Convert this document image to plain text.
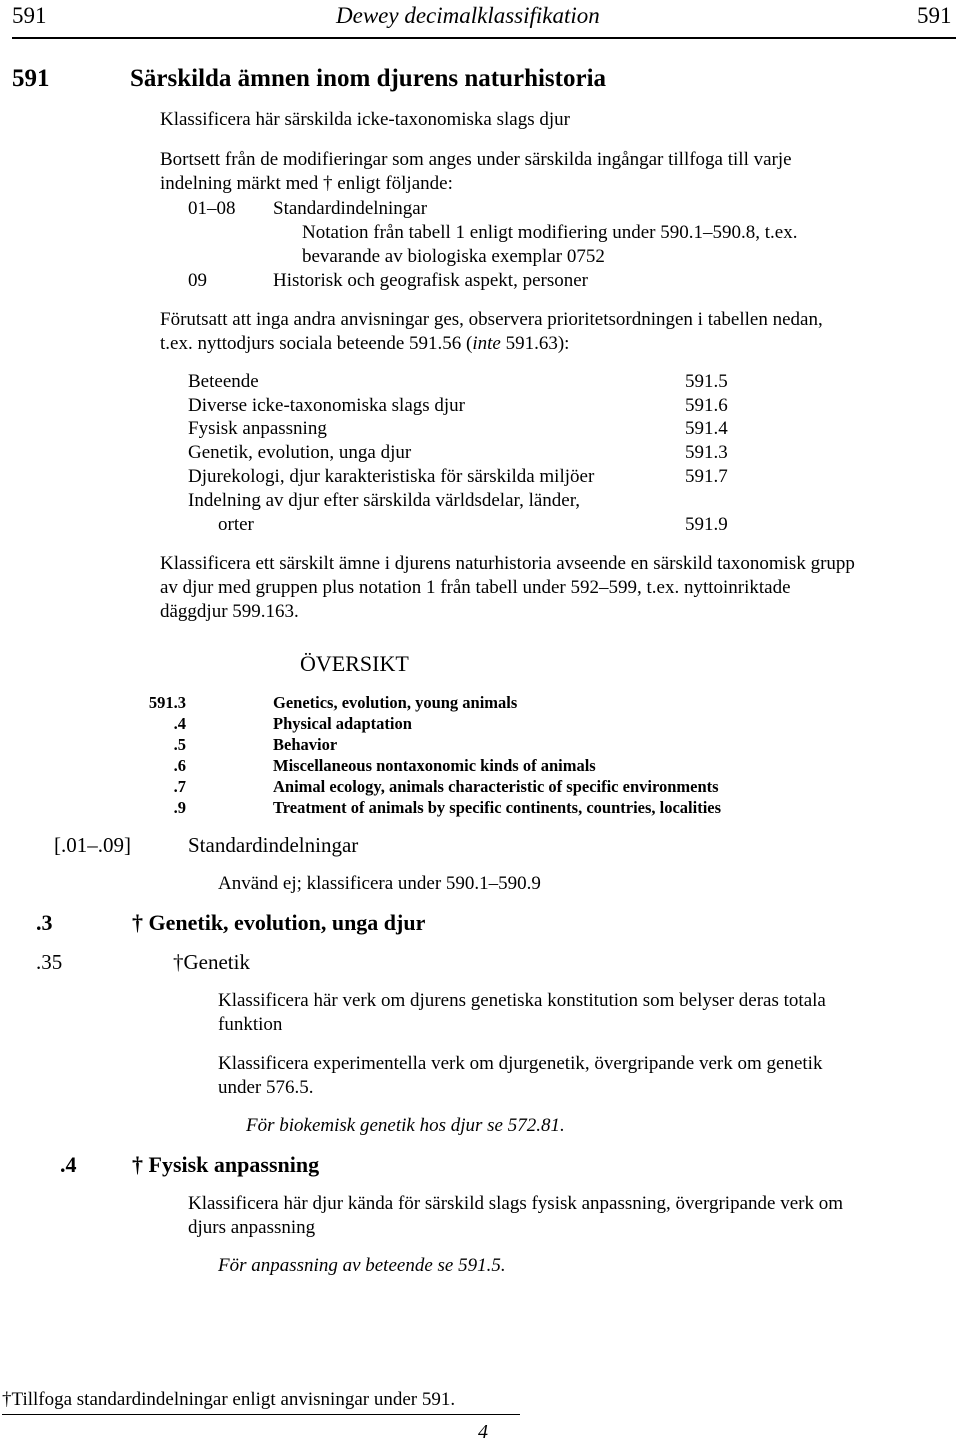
591	Dewey decimalklassifikation	591
591	Särskilda ämnen inom djurens naturhistoria
Klassificera här särskilda icke-taxonomiska slags djur
Bortsett från de modifieringar som anges under särskilda ingångar tillfoga till varje
indelning märkt med † enligt följande:
01–08 Standardindelningar
Notation från tabell 1 enligt modifiering under 590.1–590.8, t.ex.
bevarande av biologiska exemplar 0752
09	Historisk och geografisk aspekt, personer
Förutsatt att inga andra anvisningar ges, observera prioritetsordningen i tabellen nedan,
t.ex. nyttodjurs sociala beteende 591.56 (inte 591.63):
Beteende	591.5
Diverse icke-taxonomiska slags djur	591.6
Fysisk anpassning	591.4
Genetik, evolution, unga djur	591.3
Djurekologi, djur karakteristiska för särskilda miljöer	591.7
Indelning av djur efter särskilda världsdelar, länder,
orter	591.9
Klassificera ett särskilt ämne i djurens naturhistoria avseende en särskild taxonomisk grupp
av djur med gruppen plus notation 1 från tabell under 592–599, t.ex. nyttoinriktade
däggdjur 599.163.
ÖVERSIKT
591.3	Genetics, evolution, young animals
.4	Physical adaptation
.5	Behavior
.6	Miscellaneous nontaxonomic kinds of animals
.7	Animal ecology, animals characteristic of specific environments
.9	Treatment of animals by specific continents, countries, localities
[.01–.09]	Standardindelningar
Använd ej; klassificera under 590.1–590.9
.3	† Genetik, evolution, unga djur
.35	†Genetik
Klassificera här verk om djurens genetiska konstitution som belyser deras totala
funktion
Klassificera experimentella verk om djurgenetik, övergripande verk om genetik
under 576.5.
För biokemisk genetik hos djur se 572.81.
.4	† Fysisk anpassning
Klassificera här djur kända för särskild slags fysisk anpassning, övergripande verk om
djurs anpassning
För anpassning av beteende se 591.5.
†Tillfoga standardindelningar enligt anvisningar under 591.
4
